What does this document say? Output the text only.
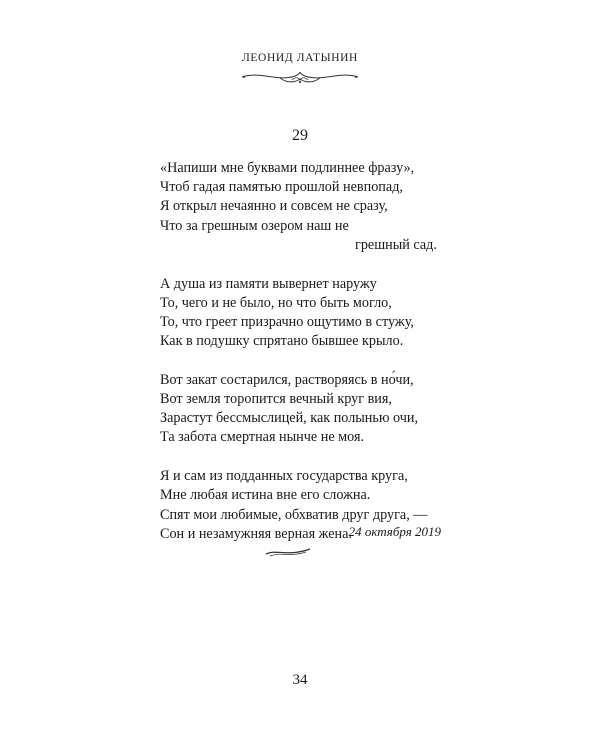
ЛЕОНИД ЛАТЫНИН
29
«Напиши мне буквами подлиннее фразу»,
Чтоб гадая памятью прошлой невпопад,
Я открыл нечаянно и совсем не сразу,
Что за грешным озером наш не
грешный сад.
А душа из памяти вывернет наружу
То, чего и не было, но что быть могло,
То, что греет призрачно ощутимо в стужу,
Как в подушку спрятано бывшее крыло.
Вот закат состарился, растворяясь в но́чи,
Вот земля торопится вечный круг вия,
Зарастут бессмыслицей, как полынью очи,
Та забота смертная нынче не моя.
Я и сам из подданных государства круга,
Мне любая истина вне его сложна.
Спят мои любимые, обхватив друг друга, —
Сон и незамужняя верная жена.
24 октября 2019
34
